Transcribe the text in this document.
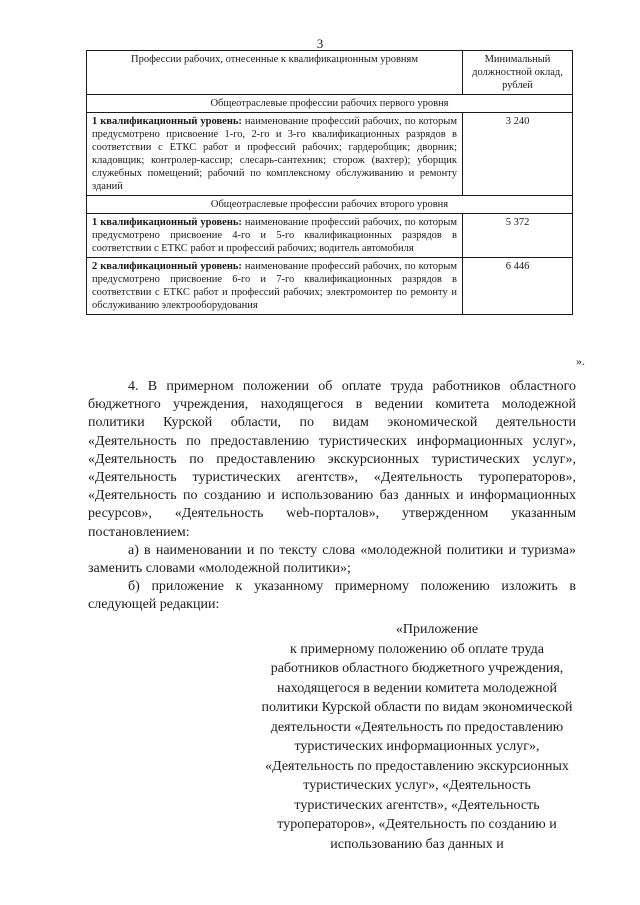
3
Профессии рабочих, отнесенные к квалификационным уровням	Минимальный должностной оклад, рублей
Общеотраслевые профессии рабочих первого уровня	
1 квалификационный уровень: наименование профессий рабочих, по которым предусмотрено присвоение 1-го, 2-го и 3-го квалификационных разрядов в соответствии с ЕТКС работ и профессий рабочих; гардеробщик; дворник; кладовщик; контролер-кассир; слесарь-сантехник; сторож (вахтер); уборщик служебных помещений; рабочий по комплексному обслуживанию и ремонту зданий	3 240
Общеотраслевые профессии рабочих второго уровня	
1 квалификационный уровень: наименование профессий рабочих, по которым предусмотрено присвоение 4-го и 5-го квалификационных разрядов в соответствии с ЕТКС работ и профессий рабочих; водитель автомобиля	5 372
2 квалификационный уровень: наименование профессий рабочих, по которым предусмотрено присвоение 6-го и 7-го квалификационных разрядов в соответствии с ЕТКС работ и профессий рабочих; электромонтер по ремонту и обслуживанию электрооборудования	6 446
».

4. В примерном положении об оплате труда работников областного бюджетного учреждения, находящегося в ведении комитета молодежной политики Курской области, по видам экономической деятельности «Деятельность по предоставлению туристических информационных услуг», «Деятельность по предоставлению экскурсионных туристических услуг», «Деятельность туристических агентств», «Деятельность туроператоров», «Деятельность по созданию и использованию баз данных и информационных ресурсов», «Деятельность web-порталов», утвержденном указанным постановлением:

а) в наименовании и по тексту слова «молодежной политики и туризма» заменить словами «молодежной политики»;

б) приложение к указанному примерному положению изложить в следующей редакции:

«Приложение
к примерному положению об оплате труда работников областного бюджетного учреждения, находящегося в ведении комитета молодежной политики Курской области по видам экономической деятельности «Деятельность по предоставлению туристических информационных услуг», «Деятельность по предоставлению экскурсионных туристических услуг», «Деятельность туристических агентств», «Деятельность туроператоров», «Деятельность по созданию и использованию баз данных и
